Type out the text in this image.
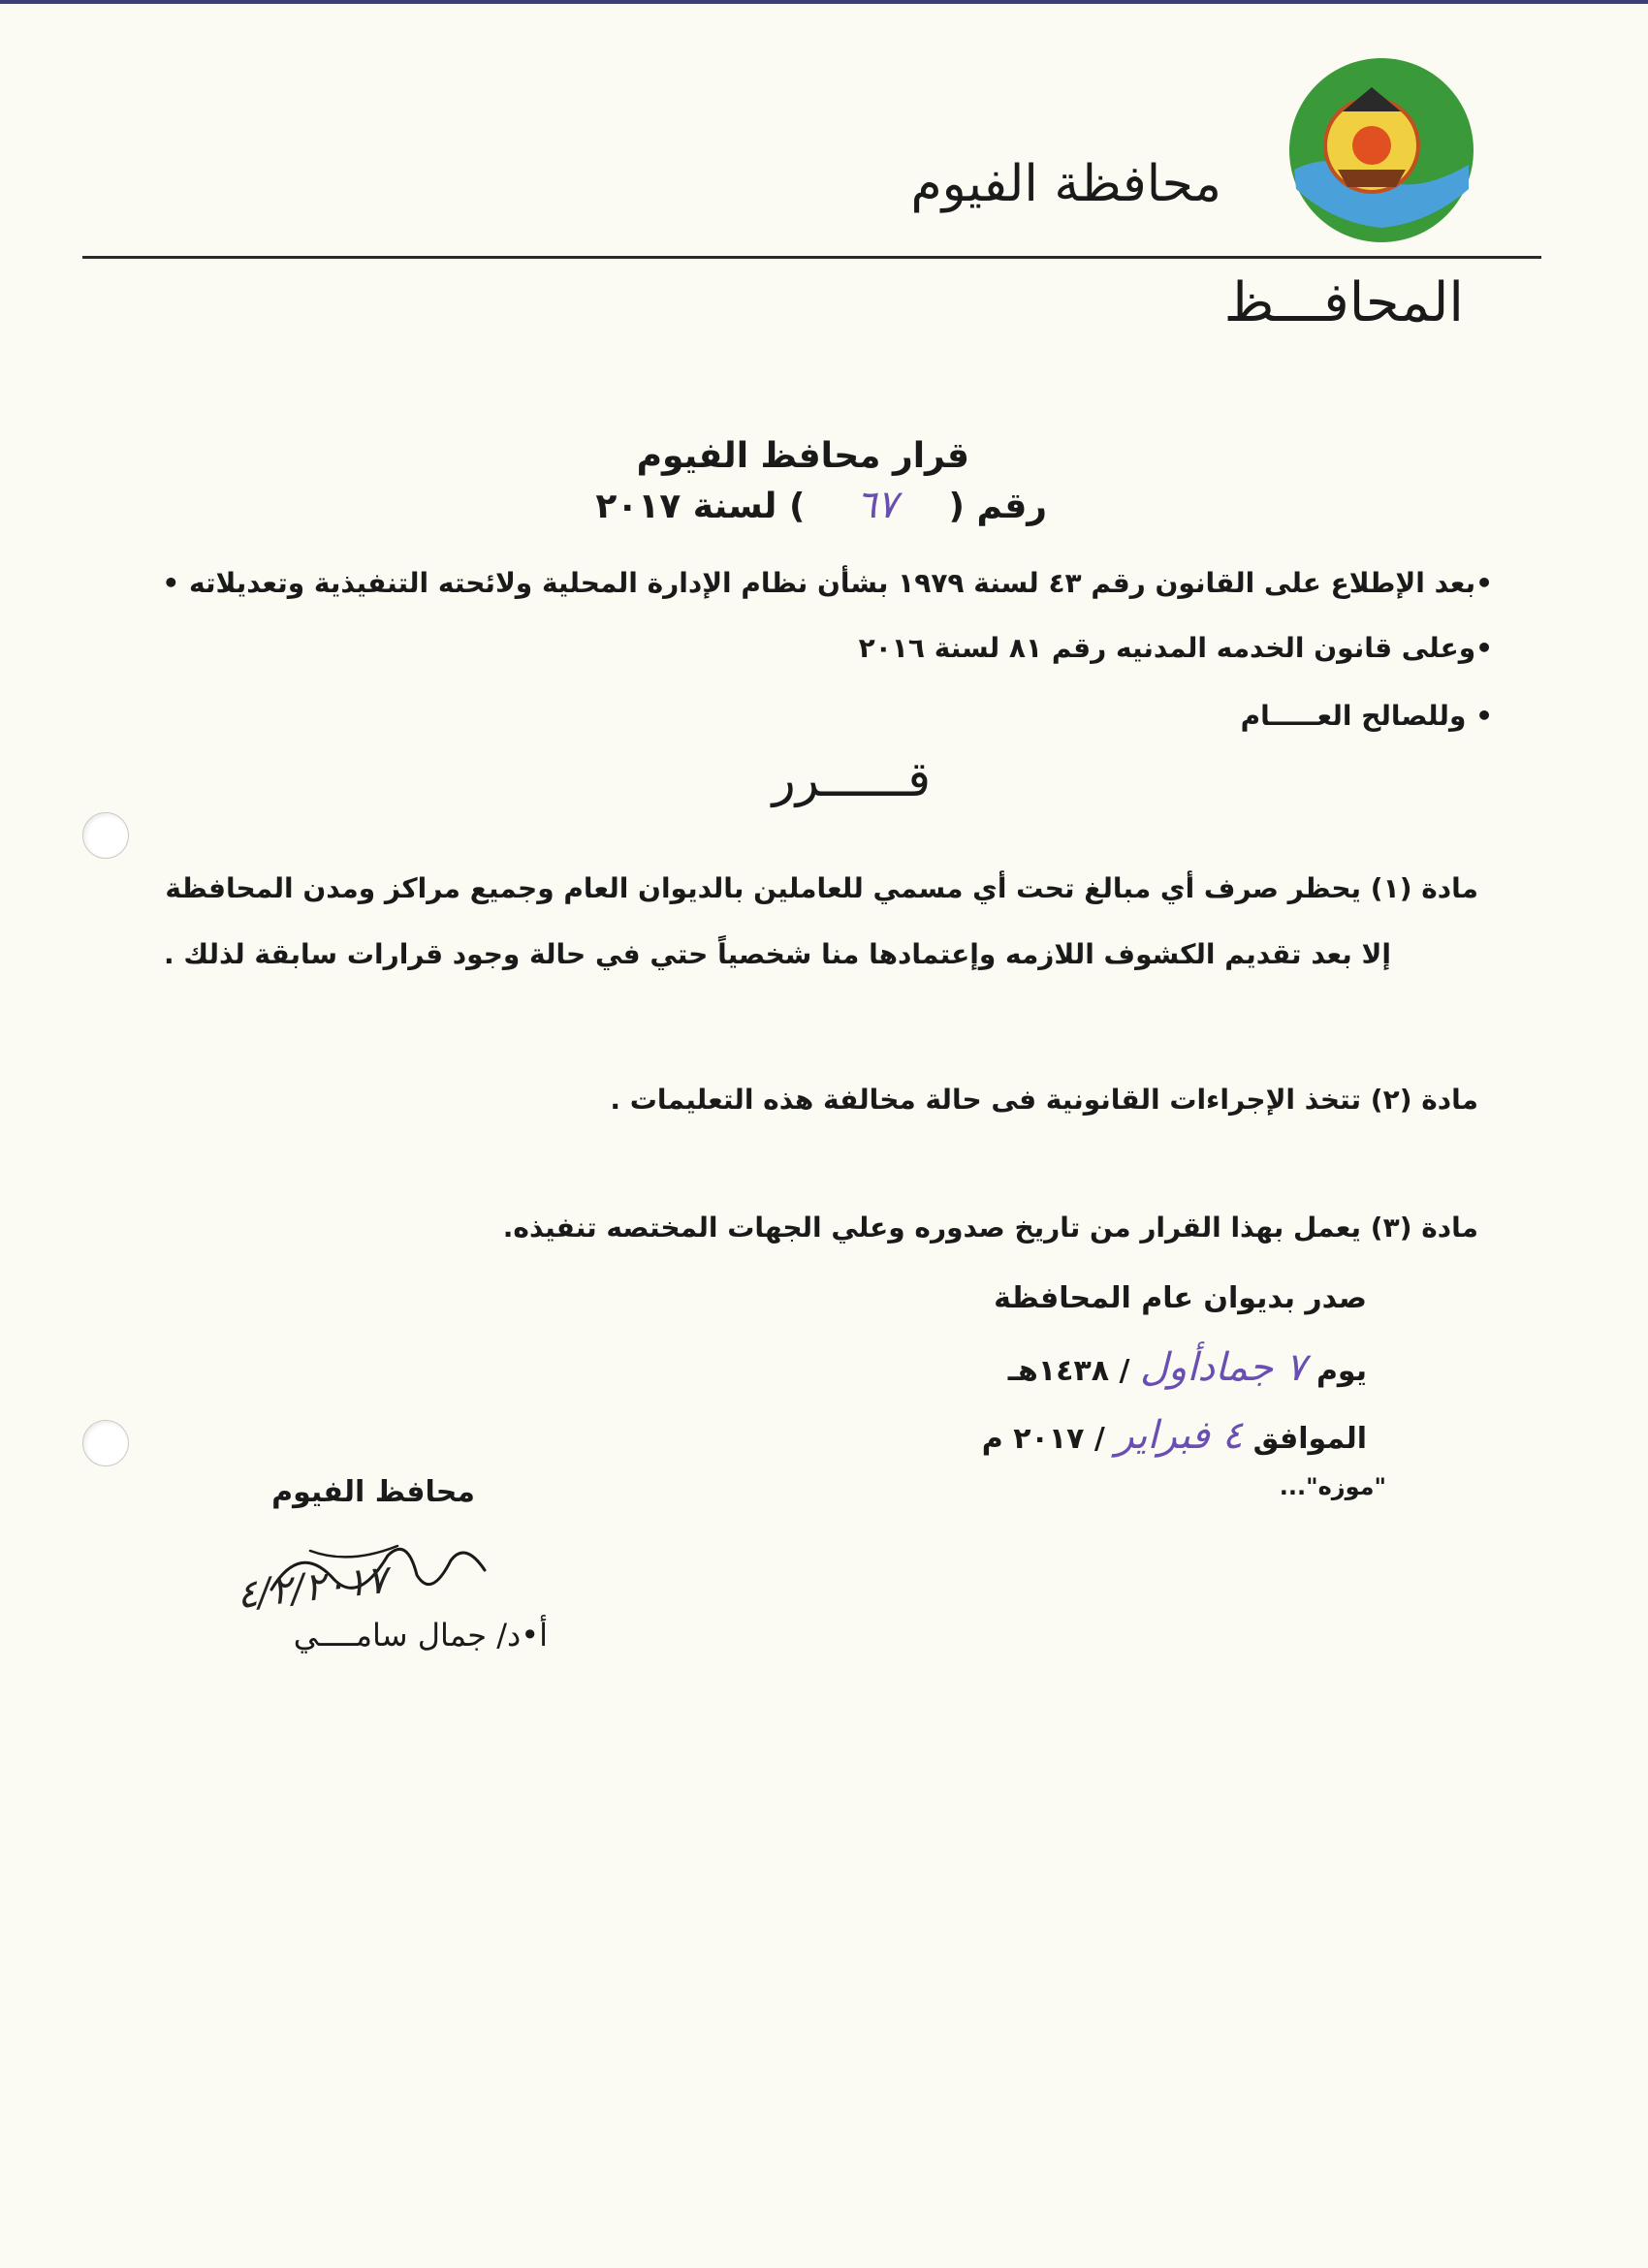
محافظة الفيوم
المحافـــظ
قرار محافظ الفيوم
رقم ( ٦٧ ) لسنة ٢٠١٧
•بعد الإطلاع على القانون رقم ٤٣ لسنة ١٩٧٩ بشأن نظام الإدارة المحلية ولائحته التنفيذية وتعديلاته •
•وعلى قانون الخدمه المدنيه رقم ٨١ لسنة ٢٠١٦
• وللصالح العـــــام
قــــــرر
مادة (١) يحظر صرف أي مبالغ تحت أي مسمي للعاملين بالديوان العام وجميع مراكز ومدن المحافظة
إلا بعد تقديم الكشوف اللازمه وإعتمادها منا شخصياً حتي في حالة وجود قرارات سابقة لذلك .
مادة (٢) تتخذ الإجراءات القانونية فى حالة مخالفة هذه التعليمات .
مادة (٣) يعمل بهذا القرار من تاريخ صدوره وعلي الجهات المختصه تنفيذه.
صدر بديوان عام المحافظة
يوم ٧ جمادأول / ١٤٣٨هـ
الموافق ٤ فبراير / ٢٠١٧ م
"موزه"...
محافظ الفيوم
٤/٢/٢٠١٧
أ•د/ جمال سامــــي
